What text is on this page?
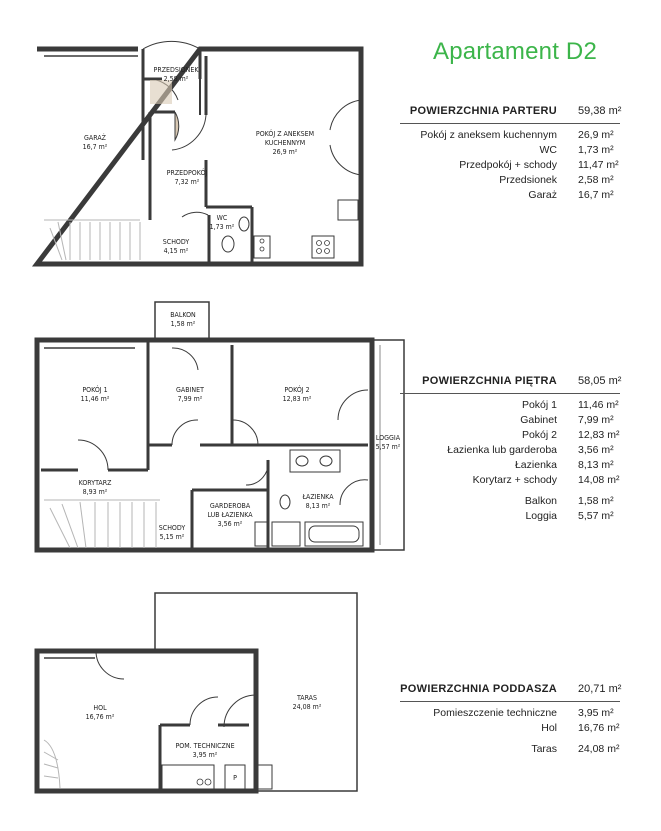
PRZEDSIONEK
2,58 m²
GARAŻ
16,7 m²
PRZEDPOKÓJ
7,32 m²
POKÓJ Z ANEKSEM
KUCHENNYM
26,9 m²
WC
1,73 m²
SCHODY
4,15 m²
BALKON
1,58 m²
POKÓJ 1
11,46 m²
GABINET
7,99 m²
POKÓJ 2
12,83 m²
LOGGIA
5,57 m²
KORYTARZ
8,93 m²
SCHODY
5,15 m²
GARDEROBA
LUB ŁAZIENKA
3,56 m²
ŁAZIENKA
8,13 m²
HOL
16,76 m²
TARAS
24,08 m²
POM. TECHNICZNE
3,95 m²
P
Apartament D2
POWIERZCHNIA PARTERU 59,38 m²
Pokój z aneksem kuchennym 26,9 m²
WC 1,73 m²
Przedpokój + schody 11,47 m²
Przedsionek 2,58 m²
Garaż 16,7 m²
POWIERZCHNIA PIĘTRA 58,05 m²
Pokój 1 11,46 m²
Gabinet 7,99 m²
Pokój 2 12,83 m²
Łazienka lub garderoba 3,56 m²
Łazienka 8,13 m²
Korytarz + schody 14,08 m²
Balkon 1,58 m²
Loggia 5,57 m²
POWIERZCHNIA PODDASZA 20,71 m²
Pomieszczenie techniczne 3,95 m²
Hol 16,76 m²
Taras 24,08 m²
